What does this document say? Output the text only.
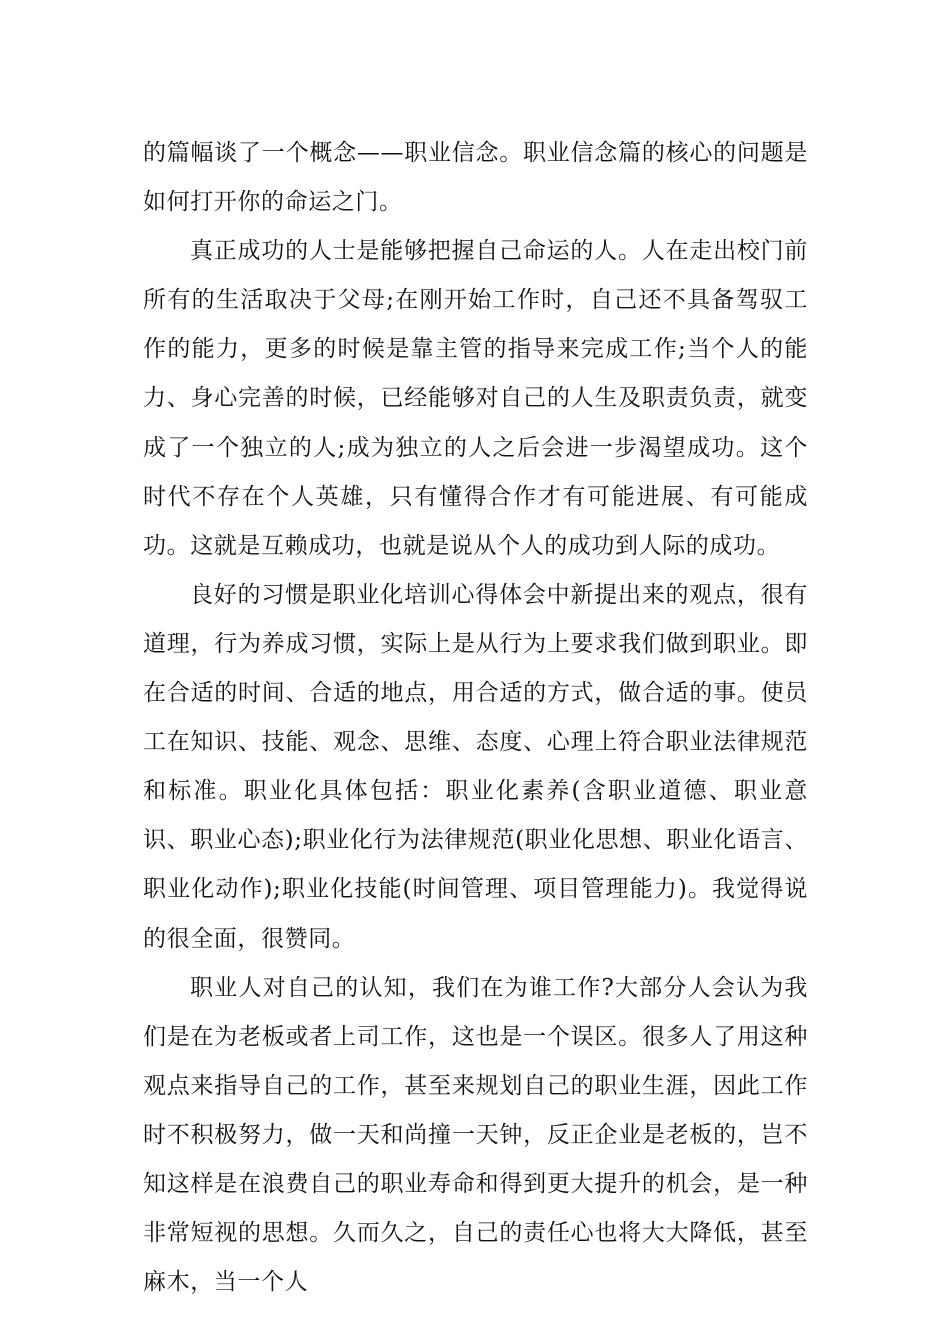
的篇幅谈了一个概念——职业信念。职业信念篇的核心的问题是如何打开你的命运之门。

真正成功的人士是能够把握自己命运的人。人在走出校门前所有的生活取决于父母;在刚开始工作时，自己还不具备驾驭工作的能力，更多的时候是靠主管的指导来完成工作;当个人的能力、身心完善的时候，已经能够对自己的人生及职责负责，就变成了一个独立的人;成为独立的人之后会进一步渴望成功。这个时代不存在个人英雄，只有懂得合作才有可能进展、有可能成功。这就是互赖成功，也就是说从个人的成功到人际的成功。

良好的习惯是职业化培训心得体会中新提出来的观点，很有道理，行为养成习惯，实际上是从行为上要求我们做到职业。即在合适的时间、合适的地点，用合适的方式，做合适的事。使员工在知识、技能、观念、思维、态度、心理上符合职业法律规范和标准。职业化具体包括：职业化素养(含职业道德、职业意识、职业心态);职业化行为法律规范(职业化思想、职业化语言、职业化动作);职业化技能(时间管理、项目管理能力)。我觉得说的很全面，很赞同。

职业人对自己的认知，我们在为谁工作?大部分人会认为我们是在为老板或者上司工作，这也是一个误区。很多人了用这种观点来指导自己的工作，甚至来规划自己的职业生涯，因此工作时不积极努力，做一天和尚撞一天钟，反正企业是老板的，岂不知这样是在浪费自己的职业寿命和得到更大提升的机会，是一种非常短视的思想。久而久之，自己的责任心也将大大降低，甚至麻木，当一个人
